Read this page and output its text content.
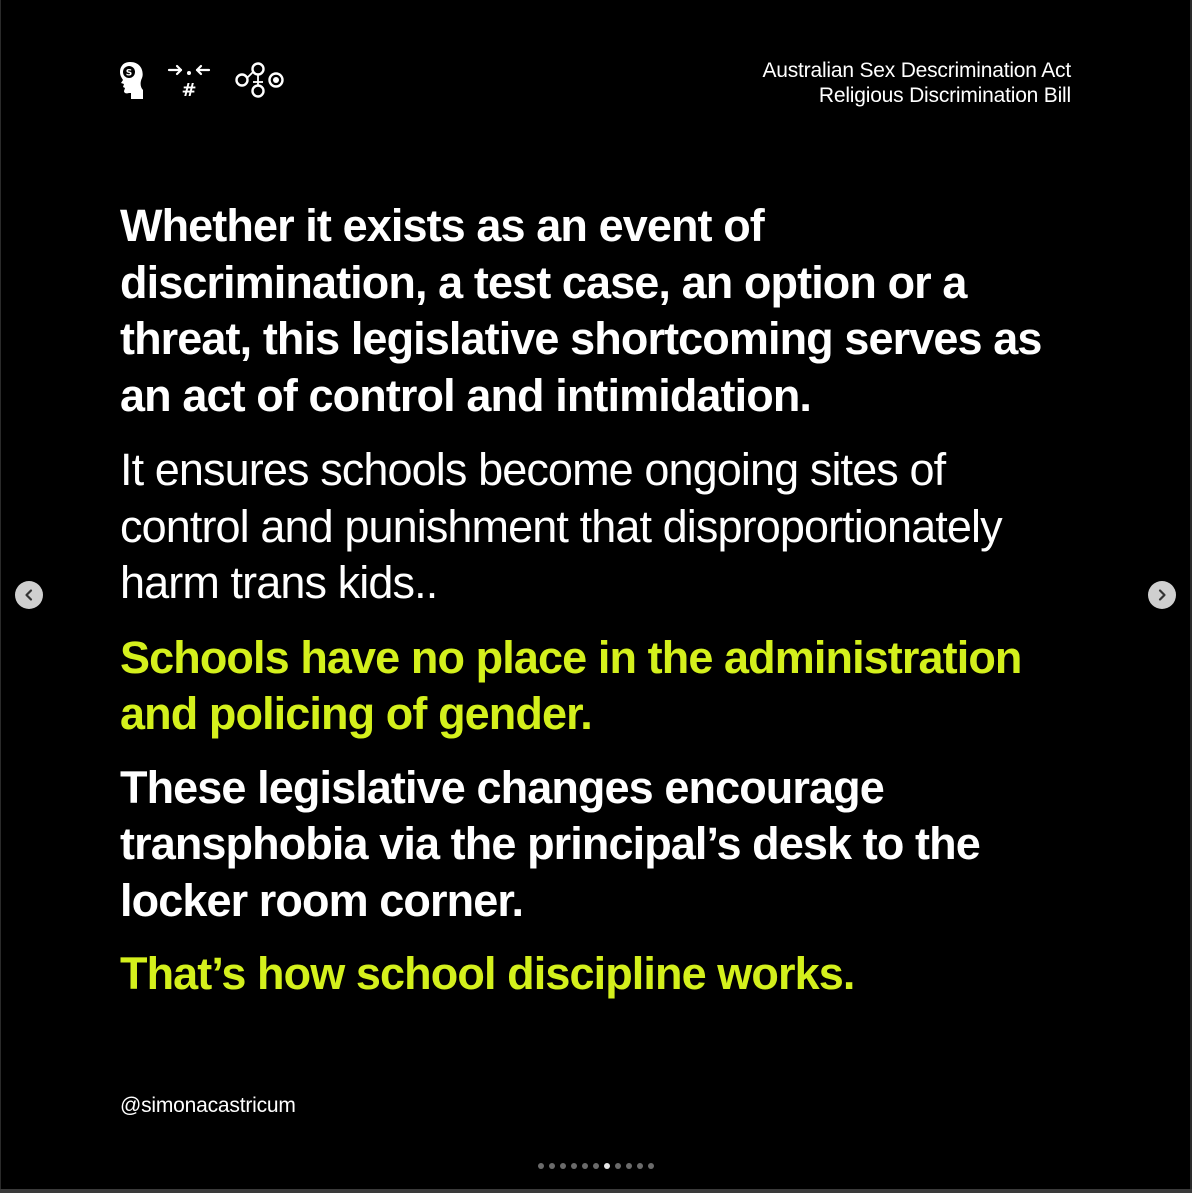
S
#
Australian Sex Descrimination Act
Religious Discrimination Bill

Whether it exists as an event of discrimination, a test case, an option or a threat, this legislative shortcoming serves as an act of control and intimidation.

It ensures schools become ongoing sites of control and punishment that disproportionately harm trans kids..

Schools have no place in the administration and policing of gender.

These legislative changes encourage transphobia via the principal’s desk to the locker room corner.

That’s how school discipline works.

@simonacastricum
